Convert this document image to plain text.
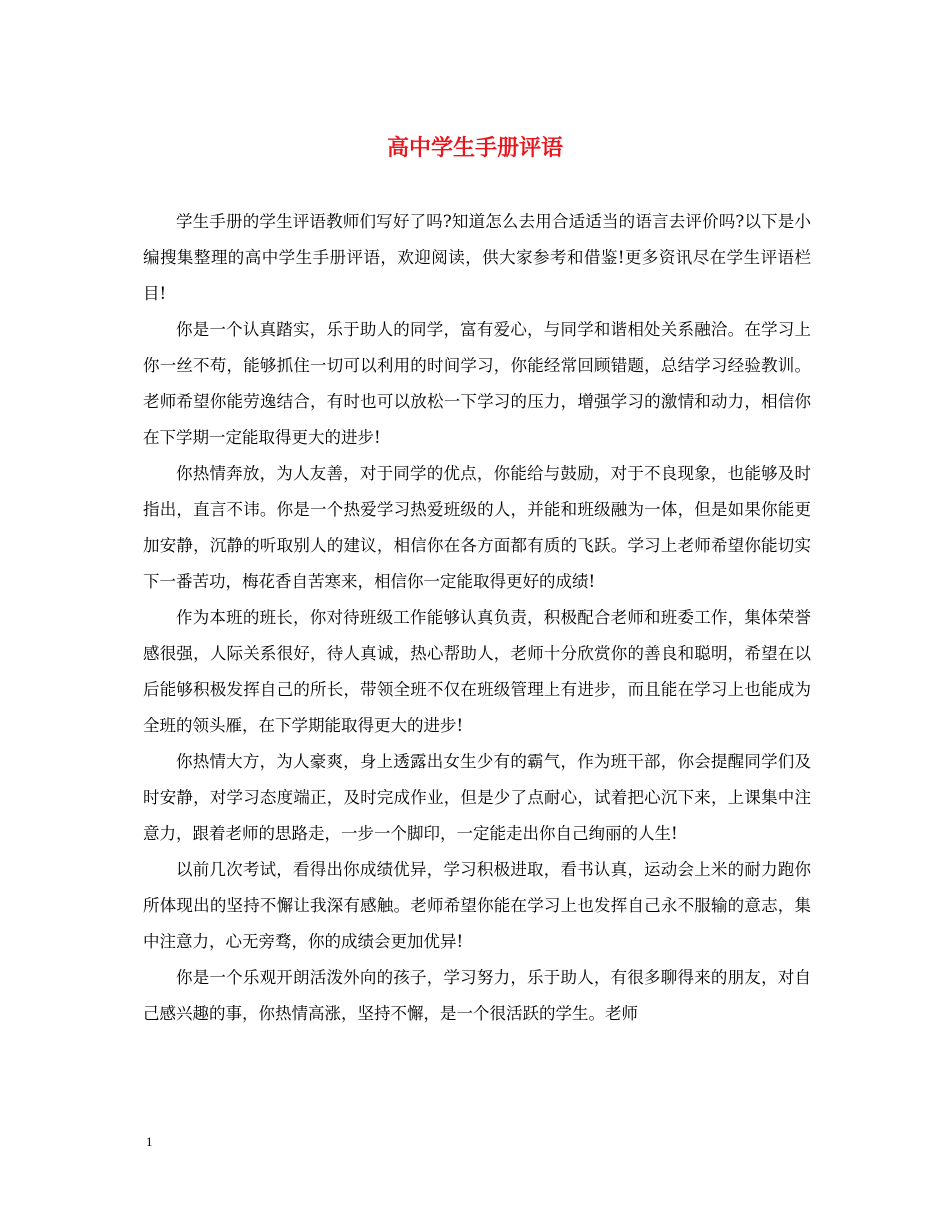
高中学生手册评语

学生手册的学生评语教师们写好了吗?知道怎么去用合适适当的语言去评价吗?以下是小编搜集整理的高中学生手册评语，欢迎阅读，供大家参考和借鉴!更多资讯尽在学生评语栏目!

你是一个认真踏实，乐于助人的同学，富有爱心，与同学和谐相处关系融洽。在学习上你一丝不苟，能够抓住一切可以利用的时间学习，你能经常回顾错题，总结学习经验教训。老师希望你能劳逸结合，有时也可以放松一下学习的压力，增强学习的激情和动力，相信你在下学期一定能取得更大的进步!

你热情奔放，为人友善，对于同学的优点，你能给与鼓励，对于不良现象，也能够及时指出，直言不讳。你是一个热爱学习热爱班级的人，并能和班级融为一体，但是如果你能更加安静，沉静的听取别人的建议，相信你在各方面都有质的飞跃。学习上老师希望你能切实下一番苦功，梅花香自苦寒来，相信你一定能取得更好的成绩!

作为本班的班长，你对待班级工作能够认真负责，积极配合老师和班委工作，集体荣誉感很强，人际关系很好，待人真诚，热心帮助人，老师十分欣赏你的善良和聪明，希望在以后能够积极发挥自己的所长，带领全班不仅在班级管理上有进步，而且能在学习上也能成为全班的领头雁，在下学期能取得更大的进步!

你热情大方，为人豪爽，身上透露出女生少有的霸气，作为班干部，你会提醒同学们及时安静，对学习态度端正，及时完成作业，但是少了点耐心，试着把心沉下来，上课集中注意力，跟着老师的思路走，一步一个脚印，一定能走出你自己绚丽的人生!

以前几次考试，看得出你成绩优异，学习积极进取，看书认真，运动会上米的耐力跑你所体现出的坚持不懈让我深有感触。老师希望你能在学习上也发挥自己永不服输的意志，集中注意力，心无旁骛，你的成绩会更加优异!

你是一个乐观开朗活泼外向的孩子，学习努力，乐于助人，有很多聊得来的朋友，对自己感兴趣的事，你热情高涨，坚持不懈，是一个很活跃的学生。老师

1
